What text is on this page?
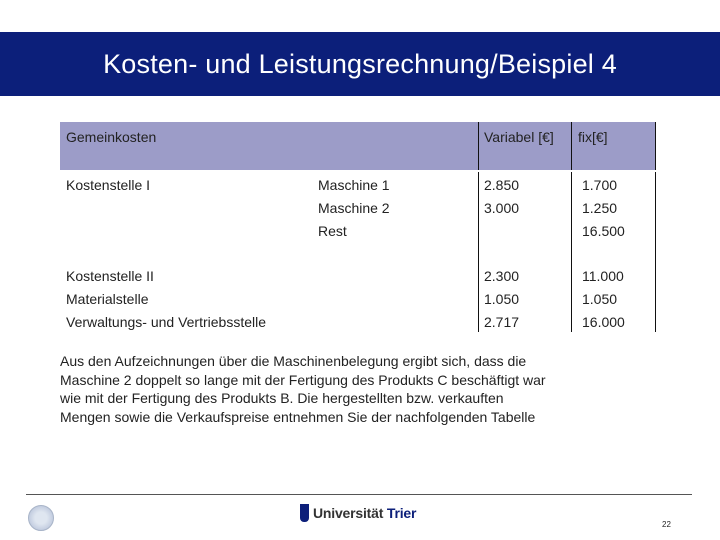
Kosten- und Leistungsrechnung/Beispiel 4
Gemeinkosten	Variabel [€] fix[€]
Kostenstelle I	Maschine 1
Maschine 2
Rest
2.850
3.000
1.700
1.250
16.500
Kostenstelle II
Materialstelle
Verwaltungs- und Vertriebsstelle
2.300
1.050
2.717
11.000
1.050
16.000
Aus den Aufzeichnungen über die Maschinenbelegung ergibt sich, dass die
Maschine 2 doppelt so lange mit der Fertigung des Produkts C beschäftigt war
wie mit der Fertigung des Produkts B. Die hergestellten bzw. verkauften
Mengen sowie die Verkaufspreise entnehmen Sie der nachfolgenden Tabelle
Universität Trier
22
